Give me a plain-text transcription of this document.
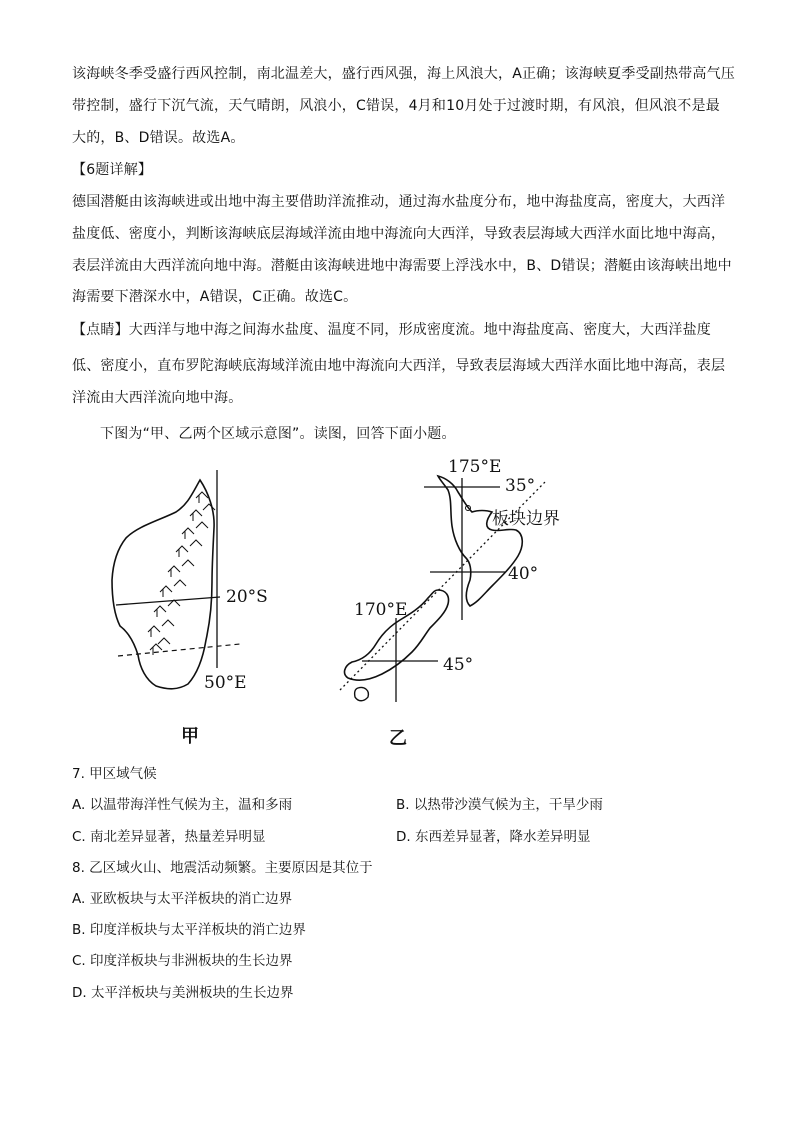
该海峡冬季受盛行西风控制，南北温差大，盛行西风强，海上风浪大，A正确；该海峡夏季受副热带高气压
带控制，盛行下沉气流，天气晴朗，风浪小，C错误，4月和10月处于过渡时期，有风浪，但风浪不是最
大的，B、D错误。故选A。
【6题详解】
德国潜艇由该海峡进或出地中海主要借助洋流推动，通过海水盐度分布，地中海盐度高，密度大，大西洋
盐度低、密度小，判断该海峡底层海域洋流由地中海流向大西洋，导致表层海域大西洋水面比地中海高，
表层洋流由大西洋流向地中海。潜艇由该海峡进地中海需要上浮浅水中，B、D错误；潜艇由该海峡出地中
海需要下潜深水中，A错误，C正确。故选C。
【点睛】大西洋与地中海之间海水盐度、温度不同，形成密度流。地中海盐度高、密度大，大西洋盐度
低、密度小，直布罗陀海峡底海域洋流由地中海流向大西洋，导致表层海域大西洋水面比地中海高，表层
洋流由大西洋流向地中海。
下图为“甲、乙两个区域示意图”。读图，回答下面小题。
20°S
50°E
175°E
35°
板块边界
40°
170°E
45°
甲	乙
7. 甲区域气候
A. 以温带海洋性气候为主，温和多雨	B. 以热带沙漠气候为主，干旱少雨
C. 南北差异显著，热量差异明显	D. 东西差异显著，降水差异明显
8. 乙区域火山、地震活动频繁。主要原因是其位于
A. 亚欧板块与太平洋板块的消亡边界
B. 印度洋板块与太平洋板块的消亡边界
C. 印度洋板块与非洲板块的生长边界
D. 太平洋板块与美洲板块的生长边界
